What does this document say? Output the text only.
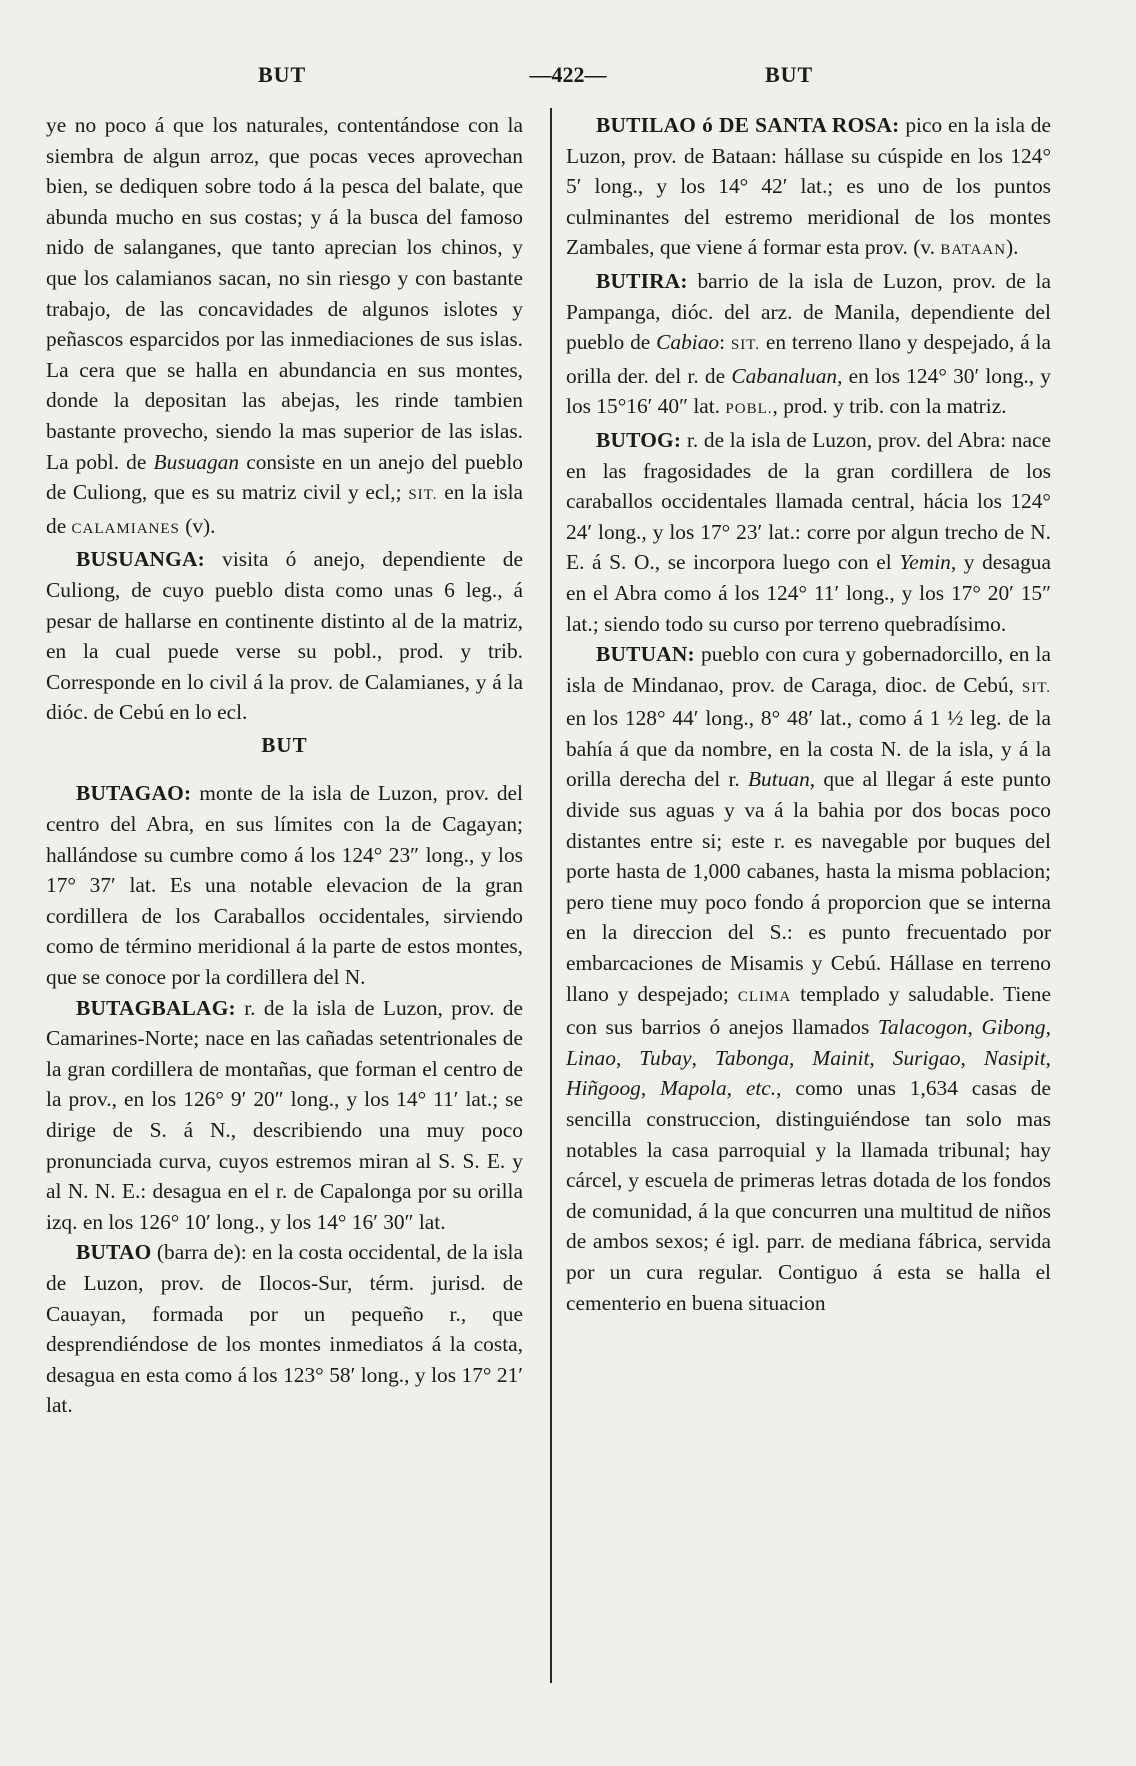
BUT	—422—	BUT

ye no poco á que los naturales, contentándose con la siembra de algun arroz, que pocas veces aprovechan bien, se dediquen sobre todo á la pesca del balate, que abunda mucho en sus costas; y á la busca del famoso nido de salanganes, que tanto aprecian los chinos, y que los calamianos sacan, no sin riesgo y con bastante trabajo, de las concavidades de algunos islotes y peñascos esparcidos por las inmediaciones de sus islas. La cera que se halla en abundancia en sus montes, donde la depositan las abejas, les rinde tambien bastante provecho, siendo la mas superior de las islas. La pobl. de Busuagan consiste en un anejo del pueblo de Culiong, que es su matriz civil y ecl,; SIT. en la isla de CALAMIANES (v).

BUSUANGA: visita ó anejo, dependiente de Culiong, de cuyo pueblo dista como unas 6 leg., á pesar de hallarse en continente distinto al de la matriz, en la cual puede verse su pobl., prod. y trib. Corresponde en lo civil á la prov. de Calamianes, y á la dióc. de Cebú en lo ecl.

BUT

BUTAGAO: monte de la isla de Luzon, prov. del centro del Abra, en sus límites con la de Cagayan; hallándose su cumbre como á los 124° 23″ long., y los 17° 37′ lat. Es una notable elevacion de la gran cordillera de los Caraballos occidentales, sirviendo como de término meridional á la parte de estos montes, que se conoce por la cordillera del N.

BUTAGBALAG: r. de la isla de Luzon, prov. de Camarines-Norte; nace en las cañadas setentrionales de la gran cordillera de montañas, que forman el centro de la prov., en los 126° 9′ 20″ long., y los 14° 11′ lat.; se dirige de S. á N., describiendo una muy poco pronunciada curva, cuyos estremos miran al S. S. E. y al N. N. E.: desagua en el r. de Capalonga por su orilla izq. en los 126° 10′ long., y los 14° 16′ 30″ lat.

BUTAO (barra de): en la costa occidental, de la isla de Luzon, prov. de Ilocos-Sur, térm. jurisd. de Cauayan, formada por un pequeño r., que desprendiéndose de los montes inmediatos á la costa, desagua en esta como á los 123° 58′ long., y los 17° 21′ lat.

BUTILAO ó DE SANTA ROSA: pico en la isla de Luzon, prov. de Bataan: hállase su cúspide en los 124° 5′ long., y los 14° 42′ lat.; es uno de los puntos culminantes del estremo meridional de los montes Zambales, que viene á formar esta prov. (v. BATAAN).

BUTIRA: barrio de la isla de Luzon, prov. de la Pampanga, dióc. del arz. de Manila, dependiente del pueblo de Cabiao: SIT. en terreno llano y despejado, á la orilla der. del r. de Cabanaluan, en los 124° 30′ long., y los 15°16′ 40″ lat. POBL., prod. y trib. con la matriz.

BUTOG: r. de la isla de Luzon, prov. del Abra: nace en las fragosidades de la gran cordillera de los caraballos occidentales llamada central, hácia los 124° 24′ long., y los 17° 23′ lat.: corre por algun trecho de N. E. á S. O., se incorpora luego con el Yemin, y desagua en el Abra como á los 124° 11′ long., y los 17° 20′ 15″ lat.; siendo todo su curso por terreno quebradísimo.

BUTUAN: pueblo con cura y gobernadorcillo, en la isla de Mindanao, prov. de Caraga, dioc. de Cebú, SIT. en los 128° 44′ long., 8° 48′ lat., como á 1 ½ leg. de la bahía á que da nombre, en la costa N. de la isla, y á la orilla derecha del r. Butuan, que al llegar á este punto divide sus aguas y va á la bahia por dos bocas poco distantes entre si; este r. es navegable por buques del porte hasta de 1,000 cabanes, hasta la misma poblacion; pero tiene muy poco fondo á proporcion que se interna en la direccion del S.: es punto frecuentado por embarcaciones de Misamis y Cebú. Hállase en terreno llano y despejado; CLIMA templado y saludable. Tiene con sus barrios ó anejos llamados Talacogon, Gibong, Linao, Tubay, Tabonga, Mainit, Surigao, Nasipit, Hiñgoog, Mapola, etc., como unas 1,634 casas de sencilla construccion, distinguiéndose tan solo mas notables la casa parroquial y la llamada tribunal; hay cárcel, y escuela de primeras letras dotada de los fondos de comunidad, á la que concurren una multitud de niños de ambos sexos; é igl. parr. de mediana fábrica, servida por un cura regular. Contiguo á esta se halla el cementerio en buena situacion
